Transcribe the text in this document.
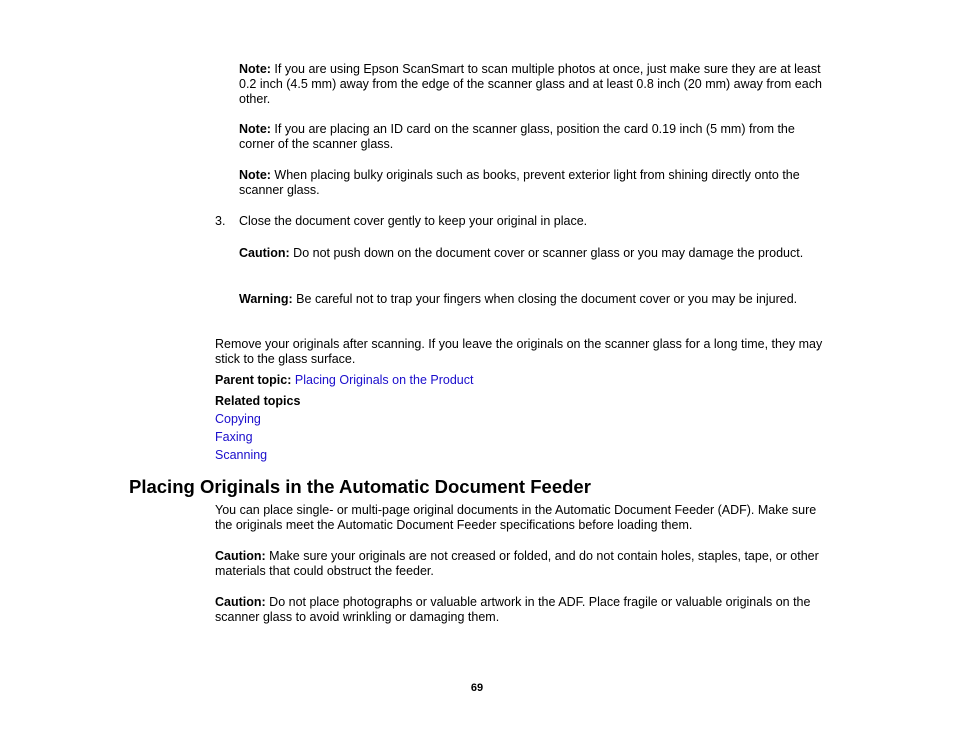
Note: If you are using Epson ScanSmart to scan multiple photos at once, just make sure they are at least 0.2 inch (4.5 mm) away from the edge of the scanner glass and at least 0.8 inch (20 mm) away from each other.

Note: If you are placing an ID card on the scanner glass, position the card 0.19 inch (5 mm) from the corner of the scanner glass.

Note: When placing bulky originals such as books, prevent exterior light from shining directly onto the scanner glass.

3. Close the document cover gently to keep your original in place.

Caution: Do not push down on the document cover or scanner glass or you may damage the product.

Warning: Be careful not to trap your fingers when closing the document cover or you may be injured.

Remove your originals after scanning. If you leave the originals on the scanner glass for a long time, they may stick to the glass surface.

Parent topic: Placing Originals on the Product

Related topics

Copying

Faxing

Scanning

Placing Originals in the Automatic Document Feeder

You can place single- or multi-page original documents in the Automatic Document Feeder (ADF). Make sure the originals meet the Automatic Document Feeder specifications before loading them.

Caution: Make sure your originals are not creased or folded, and do not contain holes, staples, tape, or other materials that could obstruct the feeder.

Caution: Do not place photographs or valuable artwork in the ADF. Place fragile or valuable originals on the scanner glass to avoid wrinkling or damaging them.

69
